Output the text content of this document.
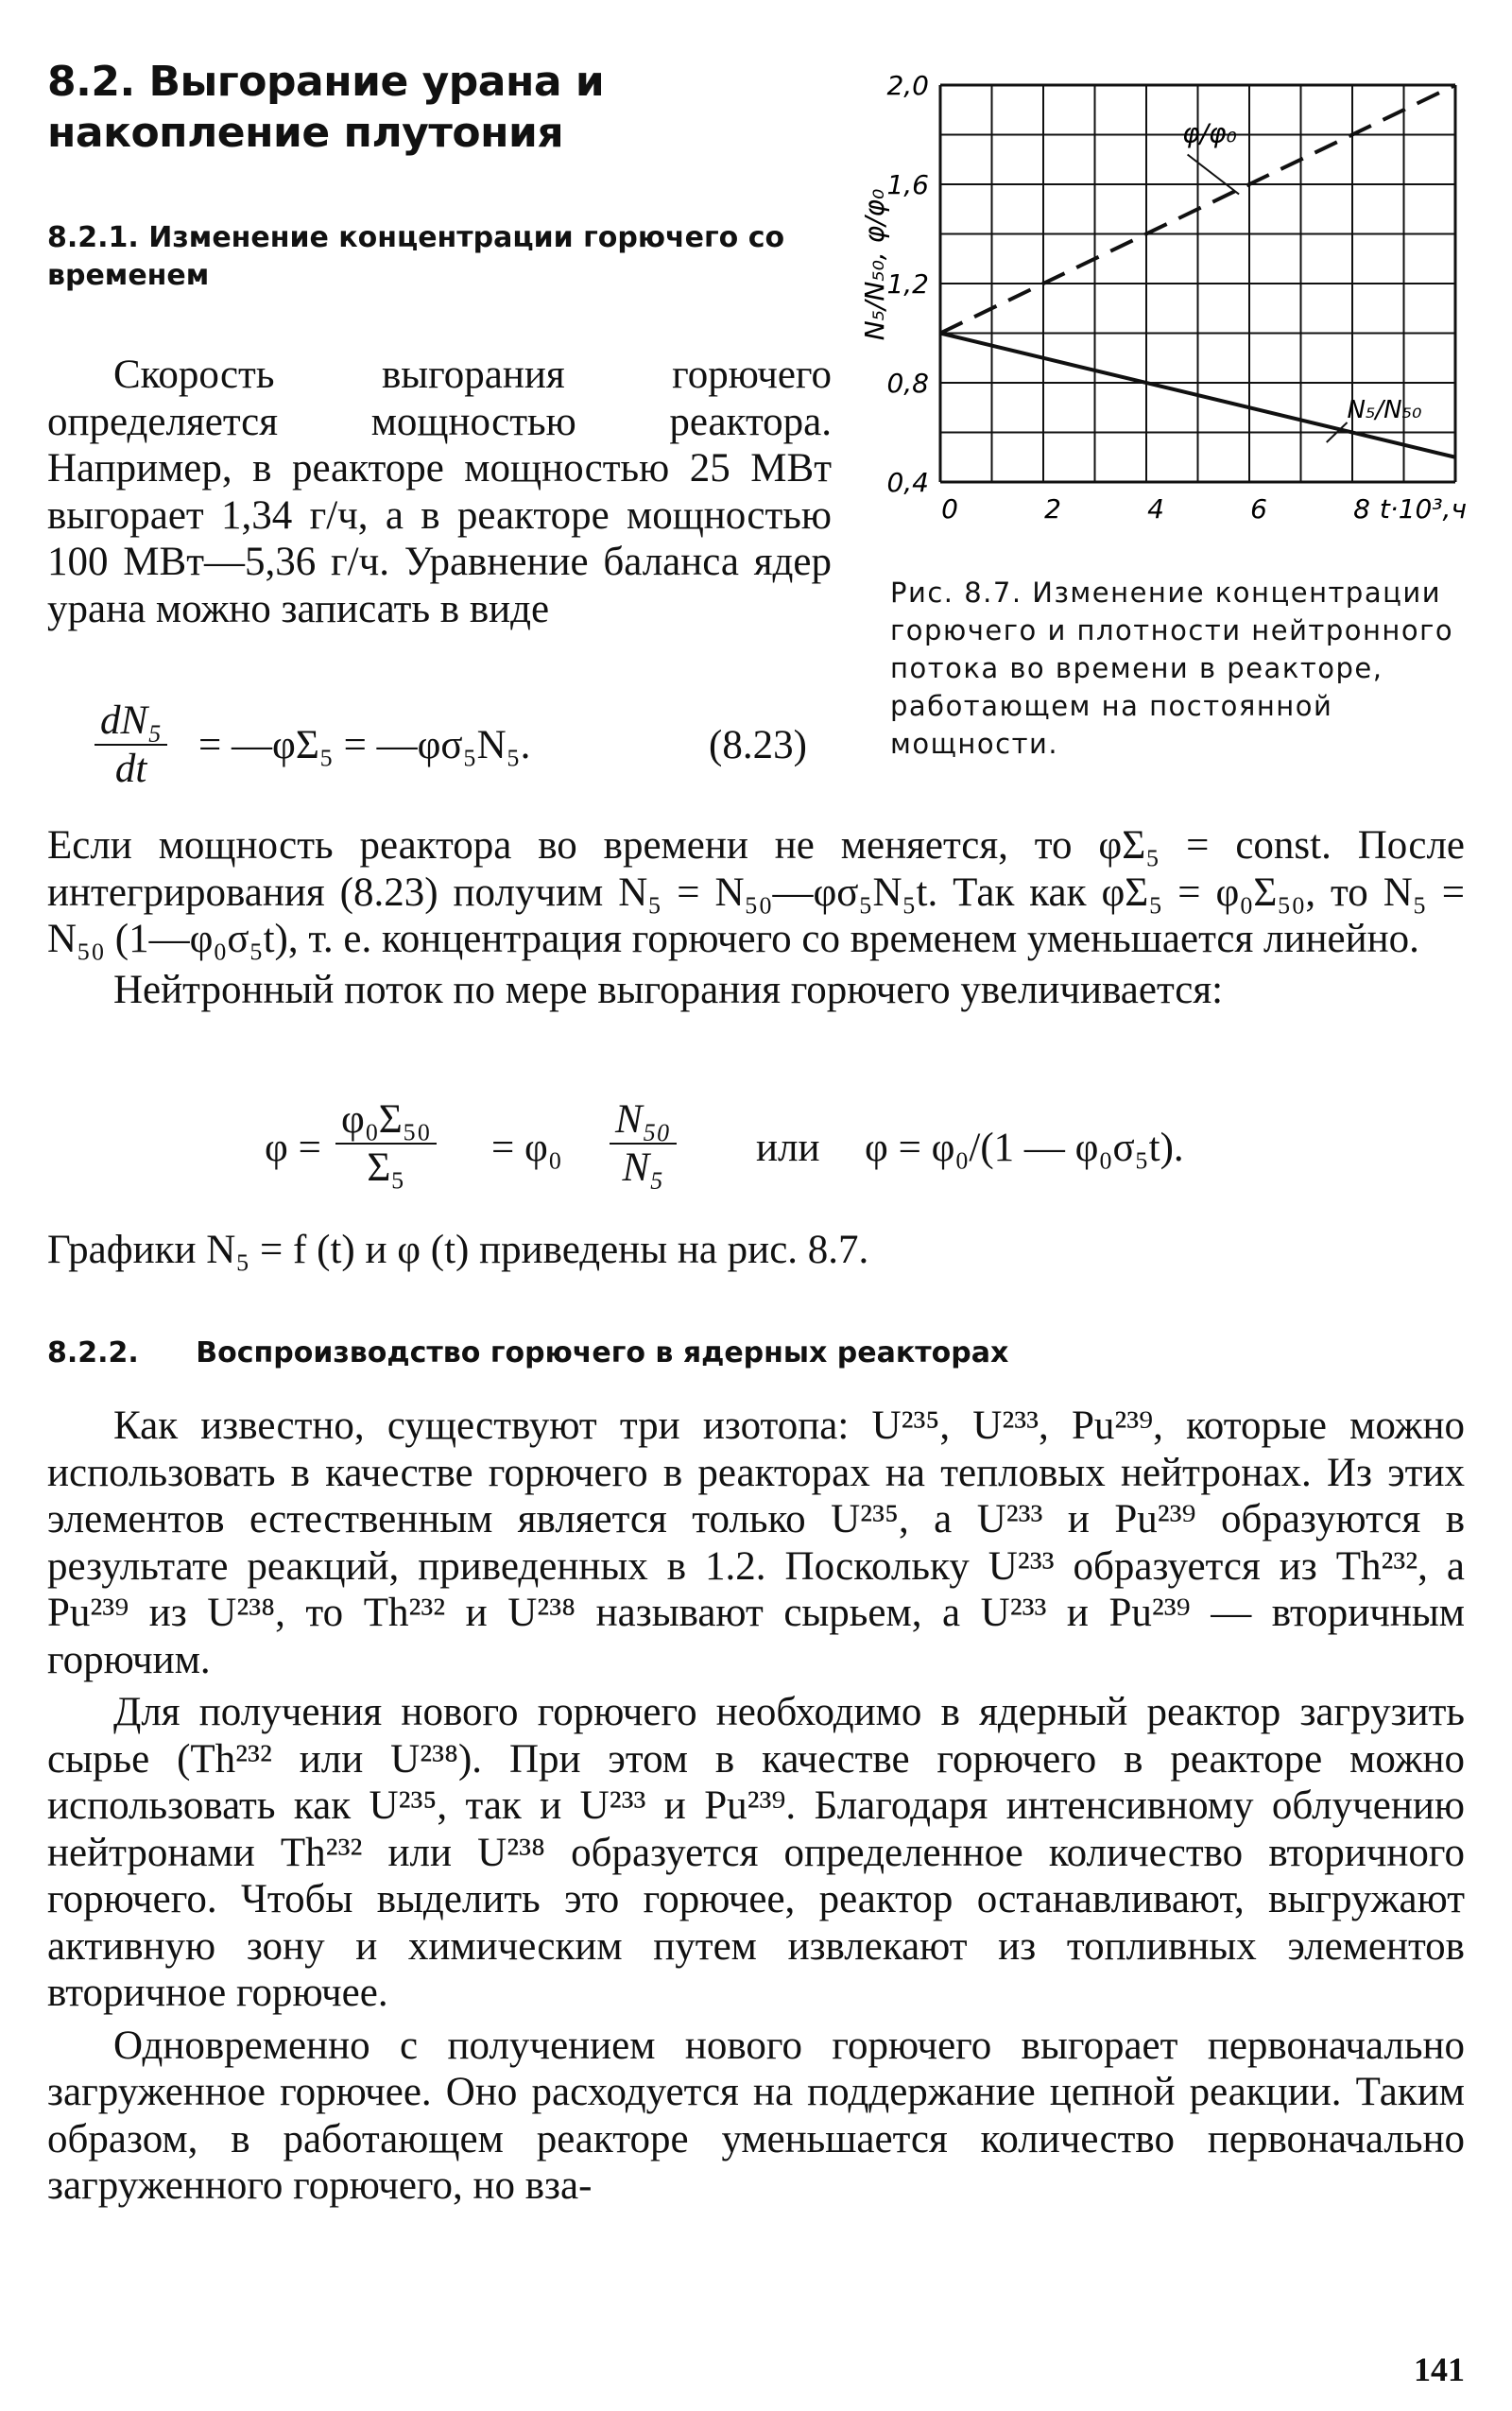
8.2. Выгорание урана и накопление плутония
8.2.1. Изменение концентрации горючего со временем

Скорость выгорания горючего определяется мощностью реактора. Например, в реакторе мощностью 25 МВт выгорает 1,34 г/ч, а в реакторе мощностью 100 МВт—5,36 г/ч. Уравнение баланса ядер урана можно записать в виде

$\frac{\text{dN₅}}{dt}$ = —φΣ₅ = —φσ₅N₅.	(8.23)
0,4
0,8
1,2
1,6
2,0
0	2	4	6	8 t·10³,ч
N₅/N₅₀, φ/φ₀
φ/φ₀
N₅/N₅₀
Рис. 8.7. Изменение концентрации горючего и плотности нейтронного потока во времени в реакторе, работающем на постоянной мощности.

Если мощность реактора во времени не меняется, то φΣ₅ = const. После интегрирования (8.23) получим N₅ = N₅₀—φσ₅N₅t. Так как φΣ₅ = φ₀Σ₅₀, то N₅ = N₅₀ (1—φ₀σ₅t), т. е. концентрация горючего со временем уменьшается линейно.

Нейтронный поток по мере выгорания горючего увеличивается:

$\varphi = \frac{\text{φ₀Σ₅₀}}{\text{Σ₅}} = \varphi_0 \frac{\text{N₅₀}}{\text{N₅}}$ или φ = φ₀/(1 — φ₀σ₅t).

Графики N₅ = f (t) и φ (t) приведены на рис. 8.7.

8.2.2. Воспроизводство горючего в ядерных реакторах

Как известно, существуют три изотопа: U²³⁵, U²³³, Pu²³⁹, которые можно использовать в качестве горючего в реакторах на тепловых нейтронах. Из этих элементов естественным является только U²³⁵, а U²³³ и Pu²³⁹ образуются в результате реакций, приведенных в 1.2. Поскольку U²³³ образуется из Th²³², а Pu²³⁹ из U²³⁸, то Th²³² и U²³⁸ называют сырьем, а U²³³ и Pu²³⁹ — вторичным горючим.

Для получения нового горючего необходимо в ядерный реактор загрузить сырье (Th²³² или U²³⁸). При этом в качестве горючего в реакторе можно использовать как U²³⁵, так и U²³³ и Pu²³⁹. Благодаря интенсивному облучению нейтронами Th²³² или U²³⁸ образуется определенное количество вторичного горючего. Чтобы выделить это горючее, реактор останавливают, выгружают активную зону и химическим путем извлекают из топливных элементов вторичное горючее.

Одновременно с получением нового горючего выгорает первоначально загруженное горючее. Оно расходуется на поддержание цепной реакции. Таким образом, в работающем реакторе уменьшается количество первоначально загруженного горючего, но вза-

141
